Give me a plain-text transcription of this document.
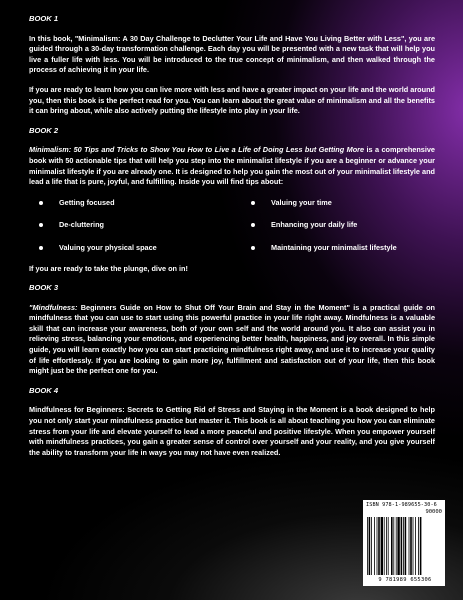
BOOK 1
In this book, "Minimalism: A 30 Day Challenge to Declutter Your Life and Have You Living Better with Less", you are guided through a 30-day transformation challenge. Each day you will be presented with a new task that will help you live a fuller life with less. You will be introduced to the true concept of minimalism, and then walked through the process of achieving it in your life.
If you are ready to learn how you can live more with less and have a greater impact on your life and the world around you, then this book is the perfect read for you. You can learn about the great value of minimalism and all the benefits it can bring about, while also actively putting the lifestyle into play in your life.
BOOK 2
Minimalism: 50 Tips and Tricks to Show You How to Live a Life of Doing Less but Getting More is a comprehensive book with 50 actionable tips that will help you step into the minimalist lifestyle if you are a beginner or advance your minimalist lifestyle if you are already one. It is designed to help you gain the most out of your minimalist lifestyle and lead a life that is pure, joyful, and fulfilling. Inside you will find tips about:
Getting focused	Valuing your time
De-cluttering	Enhancing your daily life
Valuing your physical space	Maintaining your minimalist lifestyle
If you are ready to take the plunge, dive on in!
BOOK 3
"Mindfulness: Beginners Guide on How to Shut Off Your Brain and Stay in the Moment" is a practical guide on mindfulness that you can use to start using this powerful practice in your life right away. Mindfulness is a valuable skill that can increase your awareness, both of your own self and the world around you. It also can assist you in relieving stress, balancing your emotions, and experiencing better health, happiness, and joy overall. In this simple guide, you will learn exactly how you can start practicing mindfulness right away, and use it to increase your quality of life effortlessly. If you are looking to gain more joy, fulfillment and satisfaction out of your life, then this book might just be the perfect one for you.
BOOK 4
Mindfulness for Beginners: Secrets to Getting Rid of Stress and Staying in the Moment is a book designed to help you not only start your mindfulness practice but master it. This book is all about teaching you how you can eliminate stress from your life and elevate yourself to lead a more peaceful and positive lifestyle. When you empower yourself with mindfulness practices, you gain a greater sense of control over yourself and your reality, and you give yourself the ability to transform your life in ways you may not have even realized.
ISBN 978-1-989655-30-6
90000
9 781989 655306
